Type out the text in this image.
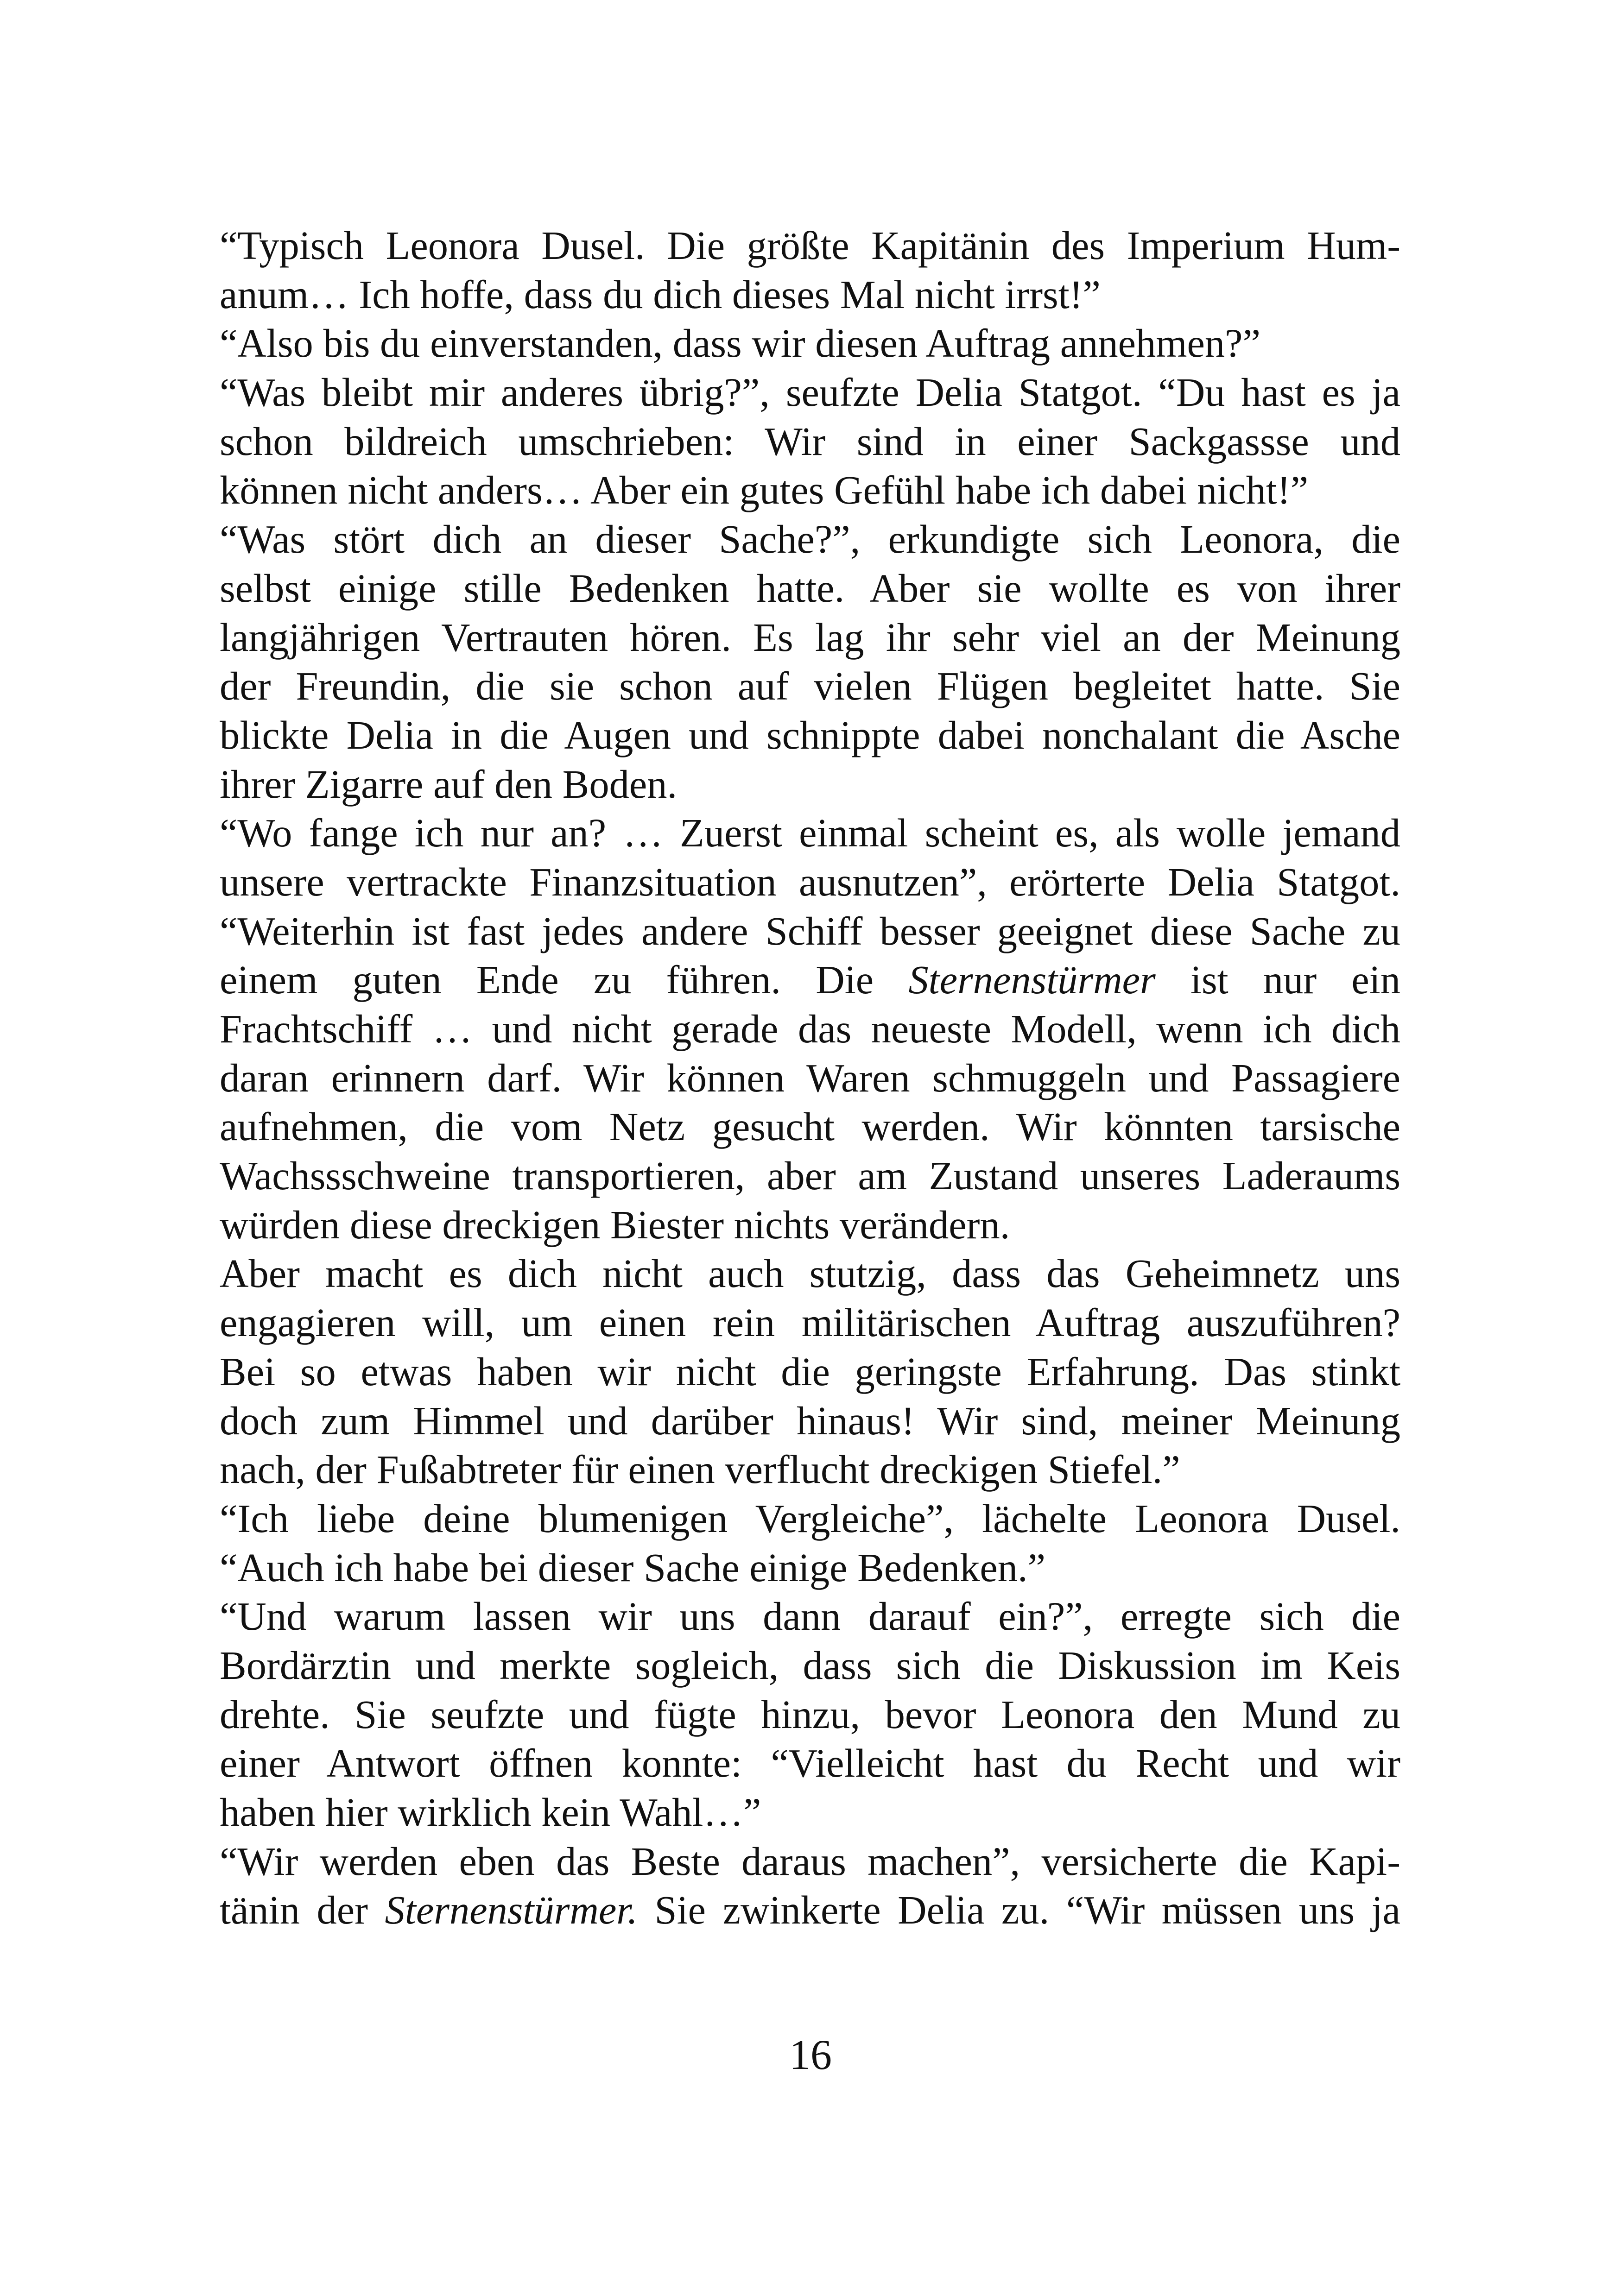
“Typisch Leonora Dusel. Die größte Kapitänin des Imperium Hum-
anum… Ich hoffe, dass du dich dieses Mal nicht irrst!”
“Also bis du einverstanden, dass wir diesen Auftrag annehmen?”
“Was bleibt mir anderes übrig?”, seufzte Delia Statgot. “Du hast es ja
schon bildreich umschrieben: Wir sind in einer Sackgassse und
können nicht anders… Aber ein gutes Gefühl habe ich dabei nicht!”
“Was stört dich an dieser Sache?”, erkundigte sich Leonora, die
selbst einige stille Bedenken hatte. Aber sie wollte es von ihrer
langjährigen Vertrauten hören. Es lag ihr sehr viel an der Meinung
der Freundin, die sie schon auf vielen Flügen begleitet hatte. Sie
blickte Delia in die Augen und schnippte dabei nonchalant die Asche
ihrer Zigarre auf den Boden.
“Wo fange ich nur an? … Zuerst einmal scheint es, als wolle jemand
unsere vertrackte Finanzsituation ausnutzen”, erörterte Delia Statgot.
“Weiterhin ist fast jedes andere Schiff besser geeignet diese Sache zu
einem guten Ende zu führen. Die Sternenstürmer ist nur ein
Frachtschiff … und nicht gerade das neueste Modell, wenn ich dich
daran erinnern darf. Wir können Waren schmuggeln und Passagiere
aufnehmen, die vom Netz gesucht werden. Wir könnten tarsische
Wachssschweine transportieren, aber am Zustand unseres Laderaums
würden diese dreckigen Biester nichts verändern.
Aber macht es dich nicht auch stutzig, dass das Geheimnetz uns
engagieren will, um einen rein militärischen Auftrag auszuführen?
Bei so etwas haben wir nicht die geringste Erfahrung. Das stinkt
doch zum Himmel und darüber hinaus! Wir sind, meiner Meinung
nach, der Fußabtreter für einen verflucht dreckigen Stiefel.”
“Ich liebe deine blumenigen Vergleiche”, lächelte Leonora Dusel.
“Auch ich habe bei dieser Sache einige Bedenken.”
“Und warum lassen wir uns dann darauf ein?”, erregte sich die
Bordärztin und merkte sogleich, dass sich die Diskussion im Keis
drehte. Sie seufzte und fügte hinzu, bevor Leonora den Mund zu
einer Antwort öffnen konnte: “Vielleicht hast du Recht und wir
haben hier wirklich kein Wahl…”
“Wir werden eben das Beste daraus machen”, versicherte die Kapi-
tänin der Sternenstürmer. Sie zwinkerte Delia zu. “Wir müssen uns ja
16
